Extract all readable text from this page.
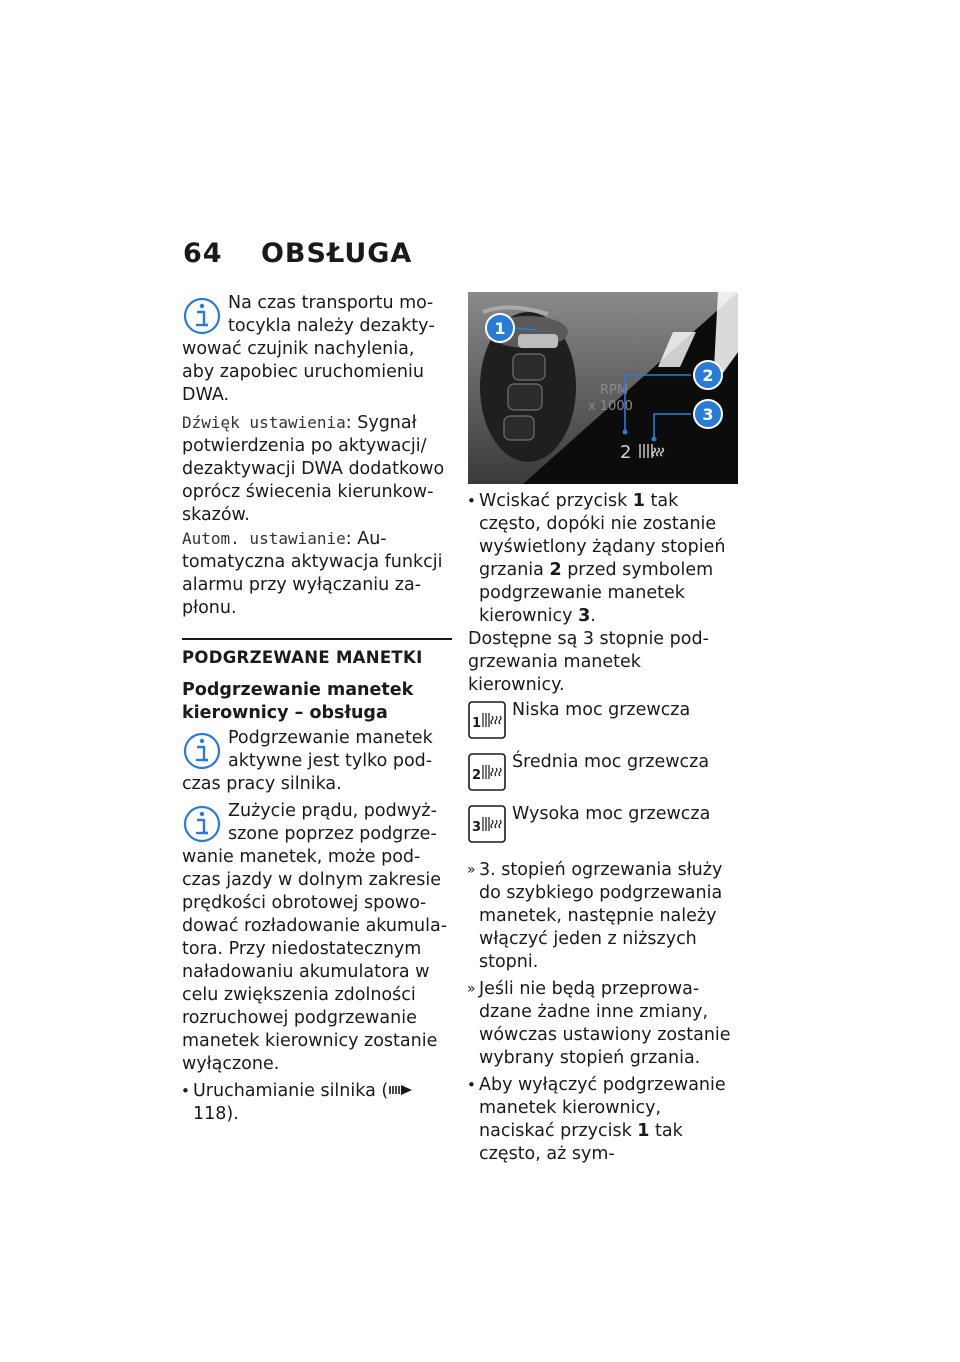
64 OBSŁUGA

Na czas transportu motocykla należy dezaktywować czujnik nachylenia, aby zapobiec uruchomieniu DWA.

Dźwięk ustawienia: Sygnał potwierdzenia po aktywacji/ dezaktywacji DWA dodatkowo oprócz świecenia kierunkowskazów.

Autom. ustawianie: Automatyczna aktywacja funkcji alarmu przy wyłączaniu zapłonu.

PODGRZEWANE MANETKI
Podgrzewanie manetek kierownicy – obsługa

Podgrzewanie manetek aktywne jest tylko podczas pracy silnika.

Zużycie prądu, podwyższone poprzez podgrzewanie manetek, może podczas jazdy w dolnym zakresie prędkości obrotowej spowodować rozładowanie akumulatora. Przy niedostatecznym naładowaniu akumulatora w celu zwiększenia zdolności rozruchowej podgrzewanie manetek kierownicy zostanie wyłączone.

• Uruchamianie silnika (118).

RPM
x 1000
2
1
2
3

• Wciskać przycisk 1 tak często, dopóki nie zostanie wyświetlony żądany stopień grzania 2 przed symbolem podgrzewanie manetek kierownicy 3.

Dostępne są 3 stopnie podgrzewania manetek kierownicy.

1
Niska moc grzewcza
2
Średnia moc grzewcza
3
Wysoka moc grzewcza

» 3. stopień ogrzewania służy do szybkiego podgrzewania manetek, następnie należy włączyć jeden z niższych stopni.

» Jeśli nie będą przeprowadzane żadne inne zmiany, wówczas ustawiony zostanie wybrany stopień grzania.

• Aby wyłączyć podgrzewanie manetek kierownicy, naciskać przycisk 1 tak często, aż sym-
